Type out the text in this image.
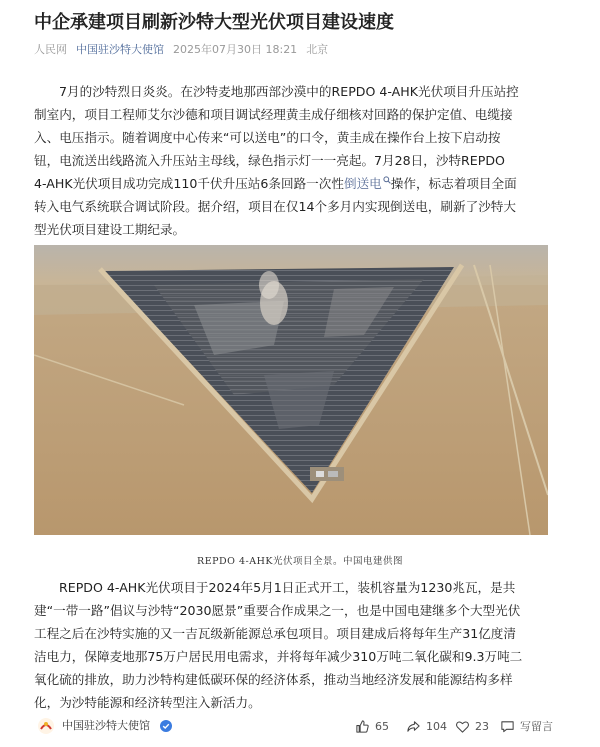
中企承建项目刷新沙特大型光伏项目建设速度
人民网 中国驻沙特大使馆 2025年07月30日 18:21 北京
7月的沙特烈日炎炎。在沙特麦地那西部沙漠中的REPDO 4-AHK光伏项目升压站控
制室内，项目工程师艾尔沙德和项目调试经理黄圭成仔细核对回路的保护定值、电缆接
入、电压指示。随着调度中心传来“可以送电”的口令，黄圭成在操作台上按下启动按
钮，电流送出线路流入升压站主母线，绿色指示灯一一亮起。7月28日，沙特REPDO
4-AHK光伏项目成功完成110千伏升压站6条回路一次性倒送电 操作，标志着项目全面
转入电气系统联合调试阶段。据介绍，项目在仅14个多月内实现倒送电，刷新了沙特大
型光伏项目建设工期纪录。
REPDO 4-AHK光伏项目全景。中国电建供图
REPDO 4-AHK光伏项目于2024年5月1日正式开工，装机容量为1230兆瓦，是共
建“一带一路”倡议与沙特“2030愿景”重要合作成果之一，也是中国电建继多个大型光伏
工程之后在沙特实施的又一吉瓦级新能源总承包项目。项目建成后将每年生产31亿度清
洁电力，保障麦地那75万户居民用电需求，并将每年减少310万吨二氧化碳和9.3万吨二
氧化硫的排放，助力沙特构建低碳环保的经济体系，推动当地经济发展和能源结构多样
化，为沙特能源和经济转型注入新活力。
中国驻沙特大使馆	65	104	23	写留言
